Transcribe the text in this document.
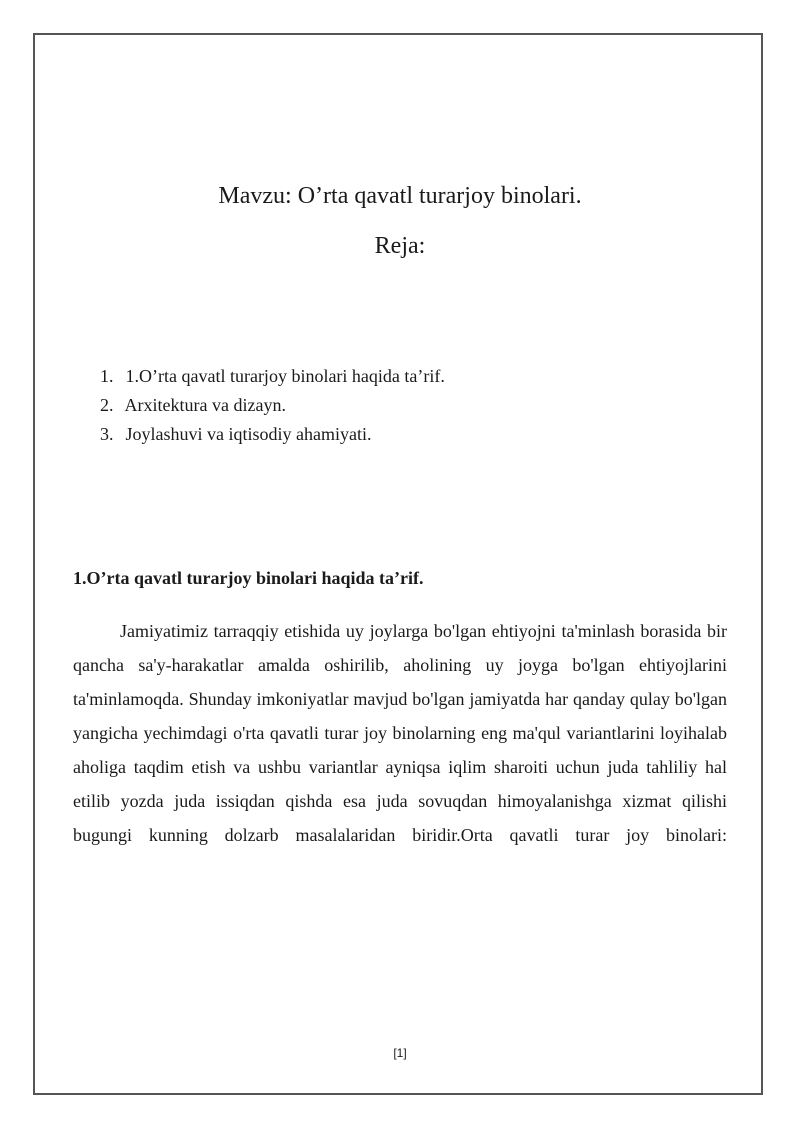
Mavzu: O’rta qavatl turarjoy binolari.
Reja:
1. 1.O’rta qavatl turarjoy binolari haqida ta’rif.
2. Arxitektura va dizayn.
3. Joylashuvi va iqtisodiy ahamiyati.
1.O’rta qavatl turarjoy binolari haqida ta’rif.

Jamiyatimiz tarraqqiy etishida uy joylarga bo'lgan ehtiyojni ta'minlash borasida bir qancha sa'y-harakatlar amalda oshirilib, aholining uy joyga bo'lgan ehtiyojlarini ta'minlamoqda. Shunday imkoniyatlar mavjud bo'lgan jamiyatda har qanday qulay bo'lgan yangicha yechimdagi o'rta qavatli turar joy binolarning eng ma'qul variantlarini loyihalab aholiga taqdim etish va ushbu variantlar ayniqsa iqlim sharoiti uchun juda tahliliy hal etilib yozda juda issiqdan qishda esa juda sovuqdan himoyalanishga xizmat qilishi bugungi kunning dolzarb masalalaridan biridir.Orta qavatli turar joy binolari:

[1]
